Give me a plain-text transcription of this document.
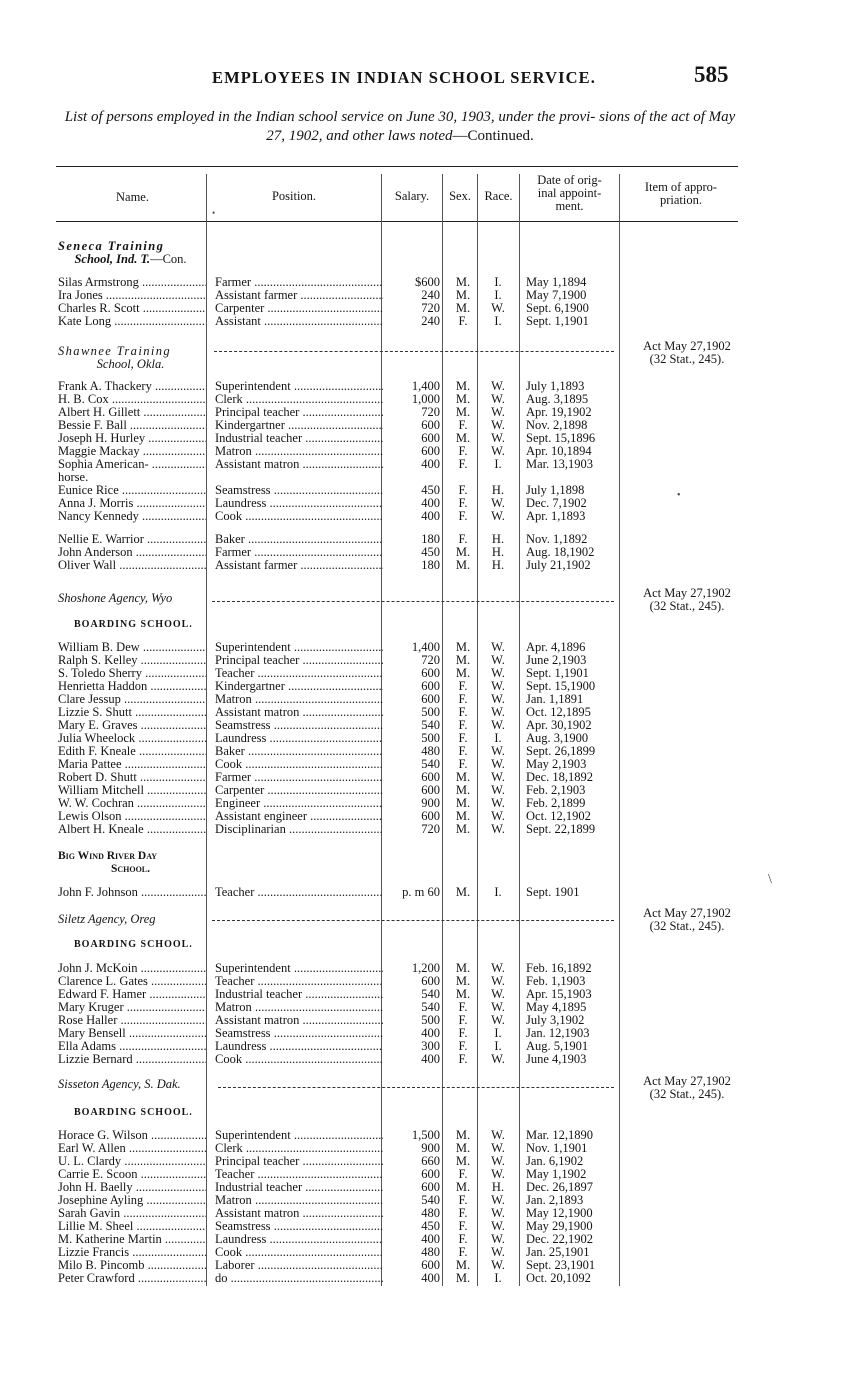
EMPLOYEES IN INDIAN SCHOOL SERVICE.	585
List of persons employed in the Indian school service on June 30, 1903, under the provi- sions of the act of May 27, 1902, and other laws noted—Continued.
Name.	Position.	Salary.	Sex.	Race.
Date of orig-
inal appoint-
ment.
Item of appro-
priation.
•
•
\
Seneca Training
School, Ind. T.—Con.
Shawnee Training
School, Okla.
Act May 27,1902
(32 Stat., 245).
Shoshone Agency, Wyo	Act May 27,1902
(32 Stat., 245).
BOARDING SCHOOL.
Big Wind River Day
School.
Siletz Agency, Oreg	Act May 27,1902
(32 Stat., 245).
BOARDING SCHOOL.
Sisseton Agency, S. Dak.	Act May 27,1902
(32 Stat., 245).
BOARDING SCHOOL.
Silas Armstrong .....	Farmer .....	$600	M.	I.	May 1,1894
Ira Jones .....	Assistant farmer .....	240	M.	I.	May 7,1900
Charles R. Scott .....	Carpenter .....	720	M.	W.	Sept. 6,1900
Kate Long .....	Assistant .....	240	F.	I.	Sept. 1,1901
Frank A. Thackery .....	Superintendent .....	1,400	M.	W.	July 1,1893
H. B. Cox .....	Clerk .....	1,000	M.	W.	Aug. 3,1895
Albert H. Gillett .....	Principal teacher .....	720	M.	W.	Apr. 19,1902
Bessie F. Ball .....	Kindergartner .....	600	F.	W.	Nov. 2,1898
Joseph H. Hurley .....	Industrial teacher .....	600	M.	W.	Sept. 15,1896
Maggie Mackay .....	Matron .....	600	F.	W.	Apr. 10,1894
Sophia American- .....	Assistant matron .....	400	F.	I.	Mar. 13,1903
horse.
Eunice Rice .....	Seamstress .....	450	F.	H.	July 1,1898
Anna J. Morris .....	Laundress .....	400	F.	W.	Dec. 7,1902
Nancy Kennedy .....	Cook .....	400	F.	W.	Apr. 1,1893
Nellie E. Warrior .....	Baker .....	180	F.	H.	Nov. 1,1892
John Anderson .....	Farmer .....	450	M.	H.	Aug. 18,1902
Oliver Wall .....	Assistant farmer .....	180	M.	H.	July 21,1902
William B. Dew .....	Superintendent .....	1,400	M.	W.	Apr. 4,1896
Ralph S. Kelley .....	Principal teacher .....	720	M.	W.	June 2,1903
S. Toledo Sherry .....	Teacher .....	600	M.	W.	Sept. 1,1901
Henrietta Haddon .....	Kindergartner .....	600	F.	W.	Sept. 15,1900
Clare Jessup .....	Matron .....	600	F.	W.	Jan. 1,1891
Lizzie S. Shutt .....	Assistant matron .....	500	F.	W.	Oct. 12,1895
Mary E. Graves .....	Seamstress .....	540	F.	W.	Apr. 30,1902
Julia Wheelock .....	Laundress .....	500	F.	I.	Aug. 3,1900
Edith F. Kneale .....	Baker .....	480	F.	W.	Sept. 26,1899
Maria Pattee .....	Cook .....	540	F.	W.	May 2,1903
Robert D. Shutt .....	Farmer .....	600	M.	W.	Dec. 18,1892
William Mitchell .....	Carpenter .....	600	M.	W.	Feb. 2,1903
W. W. Cochran .....	Engineer .....	900	M.	W.	Feb. 2,1899
Lewis Olson .....	Assistant engineer .....	600	M.	W.	Oct. 12,1902
Albert H. Kneale .....	Disciplinarian .....	720	M.	W.	Sept. 22,1899
John F. Johnson .....	Teacher .....	p. m 60	M.	I.	Sept. 1901
John J. McKoin .....	Superintendent .....	1,200	M.	W.	Feb. 16,1892
Clarence L. Gates .....	Teacher .....	600	M.	W.	Feb. 1,1903
Edward F. Hamer .....	Industrial teacher .....	540	M.	W.	Apr. 15,1903
Mary Kruger .....	Matron .....	540	F.	W.	May 4,1895
Rose Haller .....	Assistant matron .....	500	F.	W.	July 3,1902
Mary Bensell .....	Seamstress .....	400	F.	I.	Jan. 12,1903
Ella Adams .....	Laundress .....	300	F.	I.	Aug. 5,1901
Lizzie Bernard .....	Cook .....	400	F.	W.	June 4,1903
Horace G. Wilson .....	Superintendent .....	1,500	M.	W.	Mar. 12,1890
Earl W. Allen .....	Clerk .....	900	M.	W.	Nov. 1,1901
U. L. Clardy .....	Principal teacher .....	660	M.	W.	Jan. 6,1902
Carrie E. Scoon .....	Teacher .....	600	F.	W.	May 1,1902
John H. Baelly .....	Industrial teacher .....	600	M.	H.	Dec. 26,1897
Josephine Ayling .....	Matron .....	540	F.	W.	Jan. 2,1893
Sarah Gavin .....	Assistant matron .....	480	F.	W.	May 12,1900
Lillie M. Sheel .....	Seamstress .....	450	F.	W.	May 29,1900
M. Katherine Martin .....	Laundress .....	400	F.	W.	Dec. 22,1902
Lizzie Francis .....	Cook .....	480	F.	W.	Jan. 25,1901
Milo B. Pincomb .....	Laborer .....	600	M.	W.	Sept. 23,1901
Peter Crawford .....	do .....	400	M.	I.	Oct. 20,1092
